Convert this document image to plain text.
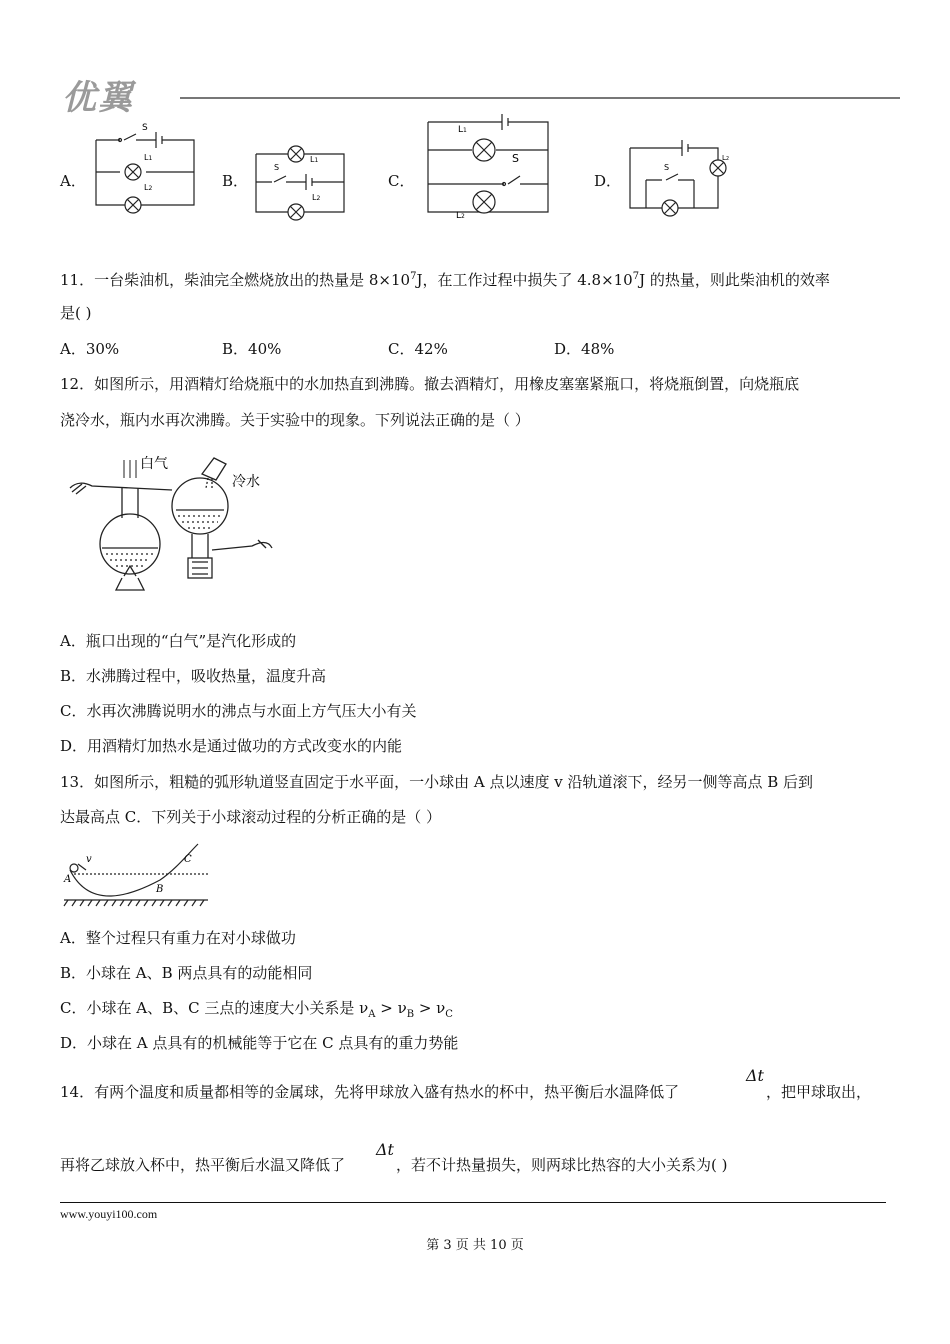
优翼
A．
S
L1
L2	B．
S
L1
L2
C．
L1
S
L2
D．
S
L2
11．一台柴油机，柴油完全燃烧放出的热量是 $8\times 10^7J$，在工作过程中损失了 $4.8\times 10^7J$ 的热量，则此柴油机的效率
是( )
A．30%	B．40%	C．42%	D．48%
12．如图所示，用酒精灯给烧瓶中的水加热直到沸腾。撤去酒精灯，用橡皮塞塞紧瓶口，将烧瓶倒置，向烧瓶底
浇冷水，瓶内水再次沸腾。关于实验中的现象。下列说法正确的是（ ）
白气
冷水
A．瓶口出现的“白气”是汽化形成的
B．水沸腾过程中，吸收热量，温度升高
C．水再次沸腾说明水的沸点与水面上方气压大小有关
D．用酒精灯加热水是通过做功的方式改变水的内能
13．如图所示，粗糙的弧形轨道竖直固定于水平面，一小球由 A 点以速度 v 沿轨道滚下，经另一侧等高点 B 后到
达最高点 C．下列关于小球滚动过程的分析正确的是（ ）
A
v
B
C
A．整个过程只有重力在对小球做功
B．小球在 A、B 两点具有的动能相同
C．小球在 A、B、C 三点的速度大小关系是 $\nu_A > \nu_B > \nu_C$
D．小球在 A 点具有的机械能等于它在 C 点具有的重力势能
14．有两个温度和质量都相等的金属球，先将甲球放入盛有热水的杯中，热平衡后水温降低了
Δt
，把甲球取出，
再将乙球放入杯中，热平衡后水温又降低了
Δt
，若不计热量损失，则两球比热容的大小关系为( )
www.youyi100.com
第 3 页 共 10 页
